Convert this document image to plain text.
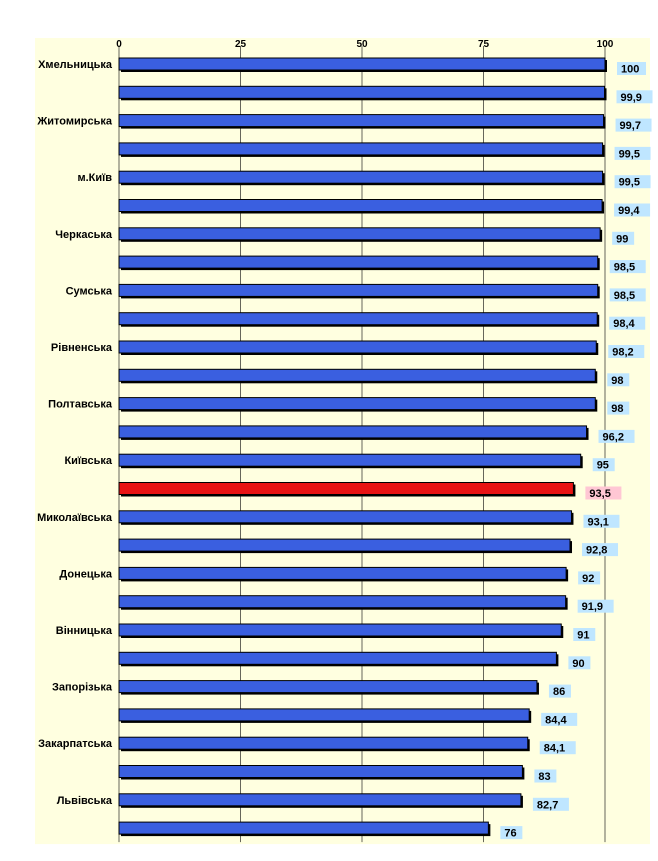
0	25	50	75	100
Хмельницька
Житомирська
м.Київ
Черкаська
Сумська
Рівненська
Полтавська
Київська
Миколаївська
Донецька
Вінницька
Запорізька
Закарпатська
Львівська
100
99,9
99,7
99,5
99,5
99,4
99
98,5
98,5
98,4
98,2
98
98
96,2
95
93,5
93,1
92,8
92
91,9
91
90
86
84,4
84,1
83
82,7
76
